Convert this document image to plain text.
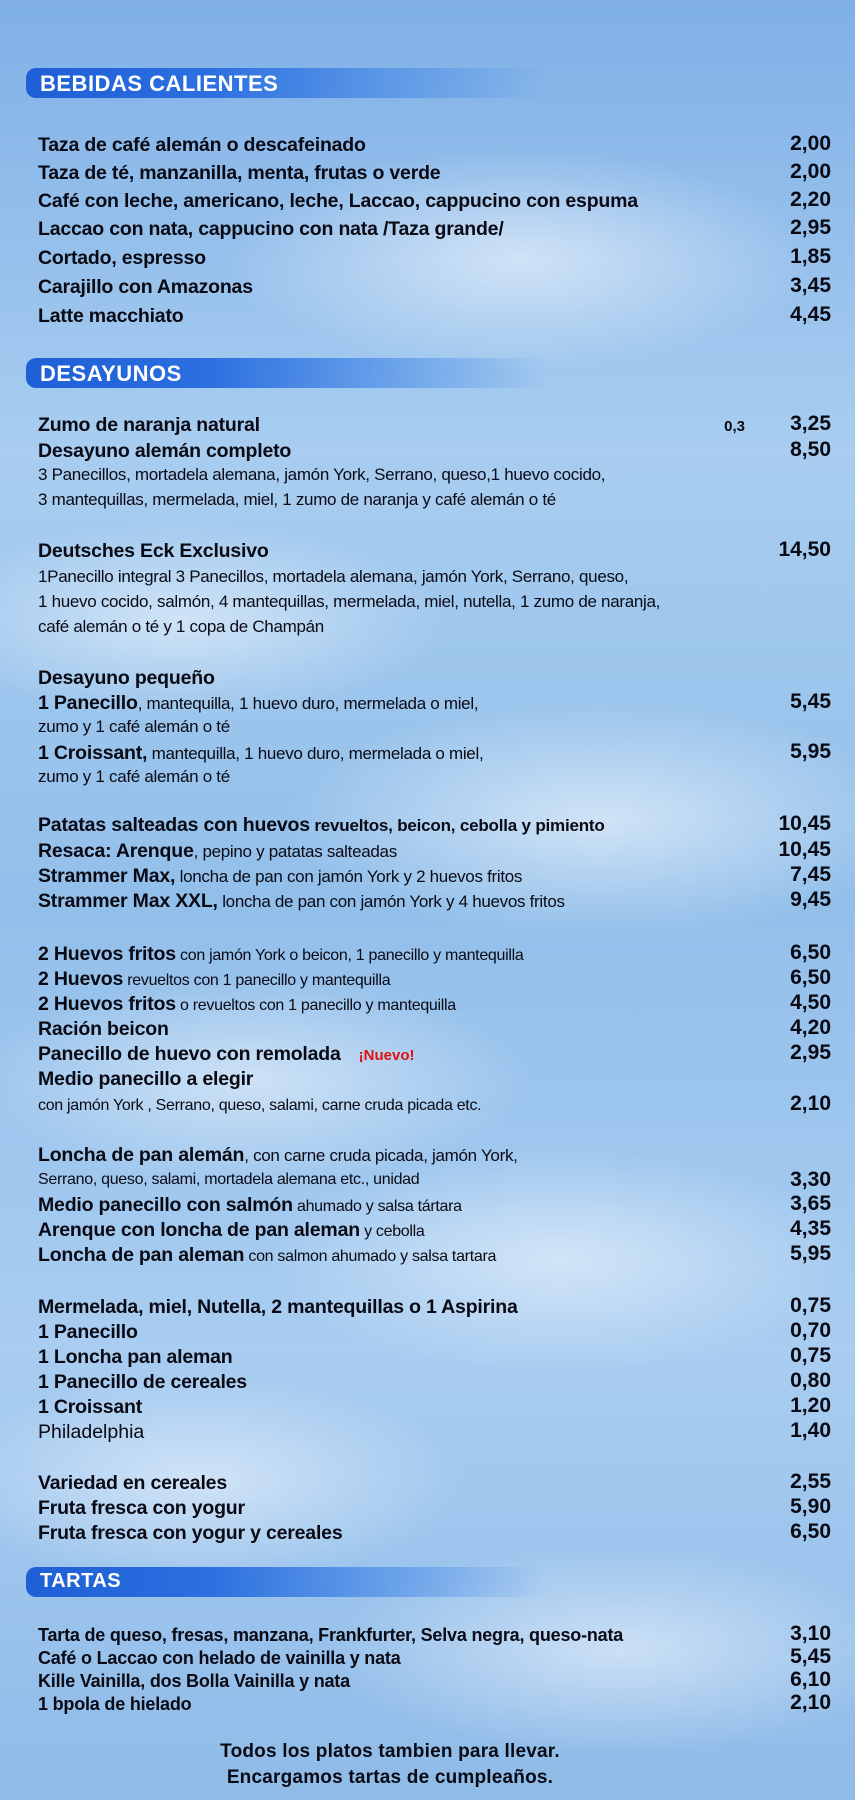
BEBIDAS CALIENTES
Taza de café alemán o descafeinado	2,00
Taza de té, manzanilla, menta, frutas o verde	2,00
Café con leche, americano, leche, Laccao, cappucino con espuma	2,20
Laccao con nata, cappucino con nata /Taza grande/	2,95
Cortado, espresso	1,85
Carajillo con Amazonas	3,45
Latte macchiato	4,45
DESAYUNOS
Zumo de naranja natural	0,3 3,25
Desayuno alemán completo	8,50
3 Panecillos, mortadela alemana, jamón York, Serrano, queso,1 huevo cocido,
3 mantequillas, mermelada, miel, 1 zumo de naranja y café alemán o té
Deutsches Eck Exclusivo	14,50
1Panecillo integral 3 Panecillos, mortadela alemana, jamón York, Serrano, queso,
1 huevo cocido, salmón, 4 mantequillas, mermelada, miel, nutella, 1 zumo de naranja,
café alemán o té y 1 copa de Champán
Desayuno pequeño
1 Panecillo, mantequilla, 1 huevo duro, mermelada o miel,	5,45
zumo y 1 café alemán o té
1 Croissant, mantequilla, 1 huevo duro, mermelada o miel,	5,95
zumo y 1 café alemán o té
Patatas salteadas con huevos revueltos, beicon, cebolla y pimiento	10,45
Resaca: Arenque, pepino y patatas salteadas	10,45
Strammer Max, loncha de pan con jamón York y 2 huevos fritos	7,45
Strammer Max XXL, loncha de pan con jamón York y 4 huevos fritos	9,45
2 Huevos fritos con jamón York o beicon, 1 panecillo y mantequilla	6,50
2 Huevos revueltos con 1 panecillo y mantequilla	6,50
2 Huevos fritos o revueltos con 1 panecillo y mantequilla	4,50
Ración beicon	4,20
Panecillo de huevo con remolada ¡Nuevo!	2,95
Medio panecillo a elegir
con jamón York , Serrano, queso, salami, carne cruda picada etc.	2,10
Loncha de pan alemán, con carne cruda picada, jamón York,
Serrano, queso, salami, mortadela alemana etc., unidad	3,30
Medio panecillo con salmón ahumado y salsa tártara	3,65
Arenque con loncha de pan aleman y cebolla	4,35
Loncha de pan aleman con salmon ahumado y salsa tartara	5,95
Mermelada, miel, Nutella, 2 mantequillas o 1 Aspirina	0,75
1 Panecillo	0,70
1 Loncha pan aleman	0,75
1 Panecillo de cereales	0,80
1 Croissant	1,20
Philadelphia	1,40
Variedad en cereales	2,55
Fruta fresca con yogur	5,90
Fruta fresca con yogur y cereales	6,50
TARTAS
Tarta de queso, fresas, manzana, Frankfurter, Selva negra, queso-nata	3,10
Café o Laccao con helado de vainilla y nata	5,45
Kille Vainilla, dos Bolla Vainilla y nata	6,10
1 bpola de hielado	2,10
Todos los platos tambien para llevar.
Encargamos tartas de cumpleaños.
